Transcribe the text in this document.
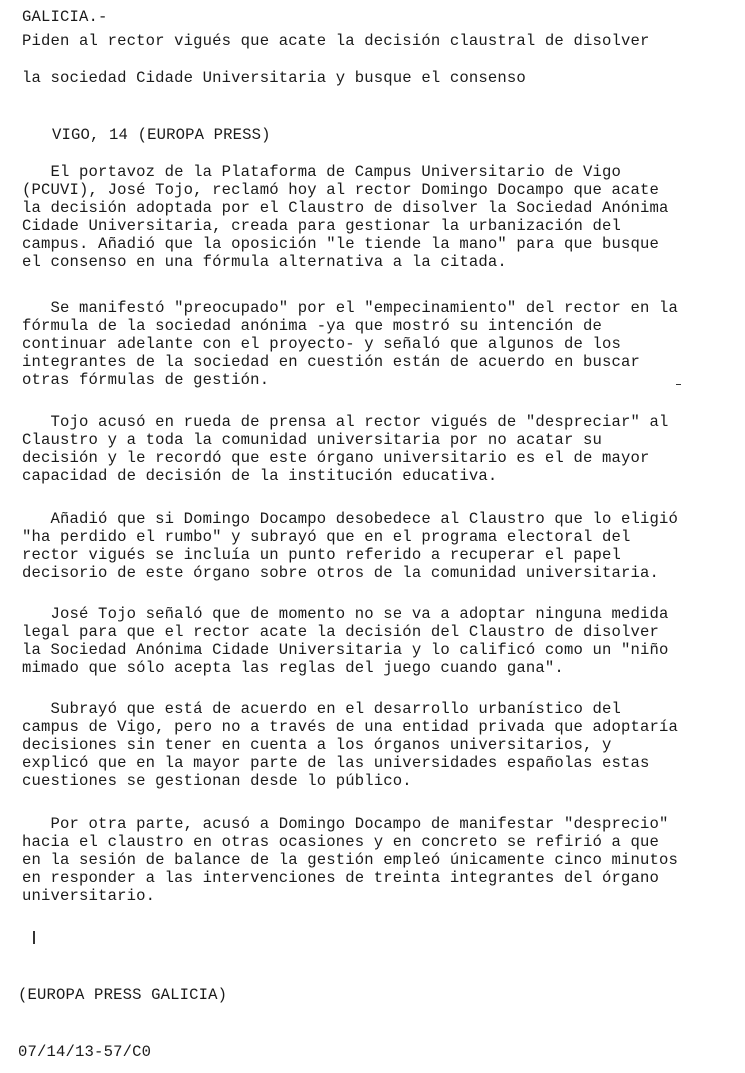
GALICIA.-
Piden al rector vigués que acate la decisión claustral de disolver
la sociedad Cidade Universitaria y busque el consenso
VIGO, 14 (EUROPA PRESS)
El portavoz de la Plataforma de Campus Universitario de Vigo
(PCUVI), José Tojo, reclamó hoy al rector Domingo Docampo que acate
la decisión adoptada por el Claustro de disolver la Sociedad Anónima
Cidade Universitaria, creada para gestionar la urbanización del
campus. Añadió que la oposición "le tiende la mano" para que busque
el consenso en una fórmula alternativa a la citada.
Se manifestó "preocupado" por el "empecinamiento" del rector en la
fórmula de la sociedad anónima -ya que mostró su intención de
continuar adelante con el proyecto- y señaló que algunos de los
integrantes de la sociedad en cuestión están de acuerdo en buscar
otras fórmulas de gestión.
Tojo acusó en rueda de prensa al rector vigués de "despreciar" al
Claustro y a toda la comunidad universitaria por no acatar su
decisión y le recordó que este órgano universitario es el de mayor
capacidad de decisión de la institución educativa.
Añadió que si Domingo Docampo desobedece al Claustro que lo eligió
"ha perdido el rumbo" y subrayó que en el programa electoral del
rector vigués se incluía un punto referido a recuperar el papel
decisorio de este órgano sobre otros de la comunidad universitaria.
José Tojo señaló que de momento no se va a adoptar ninguna medida
legal para que el rector acate la decisión del Claustro de disolver
la Sociedad Anónima Cidade Universitaria y lo calificó como un "niño
mimado que sólo acepta las reglas del juego cuando gana".
Subrayó que está de acuerdo en el desarrollo urbanístico del
campus de Vigo, pero no a través de una entidad privada que adoptaría
decisiones sin tener en cuenta a los órganos universitarios, y
explicó que en la mayor parte de las universidades españolas estas
cuestiones se gestionan desde lo público.
Por otra parte, acusó a Domingo Docampo de manifestar "desprecio"
hacia el claustro en otras ocasiones y en concreto se refirió a que
en la sesión de balance de la gestión empleó únicamente cinco minutos
en responder a las intervenciones de treinta integrantes del órgano
universitario.
(EUROPA PRESS GALICIA)
07/14/13-57/C0
